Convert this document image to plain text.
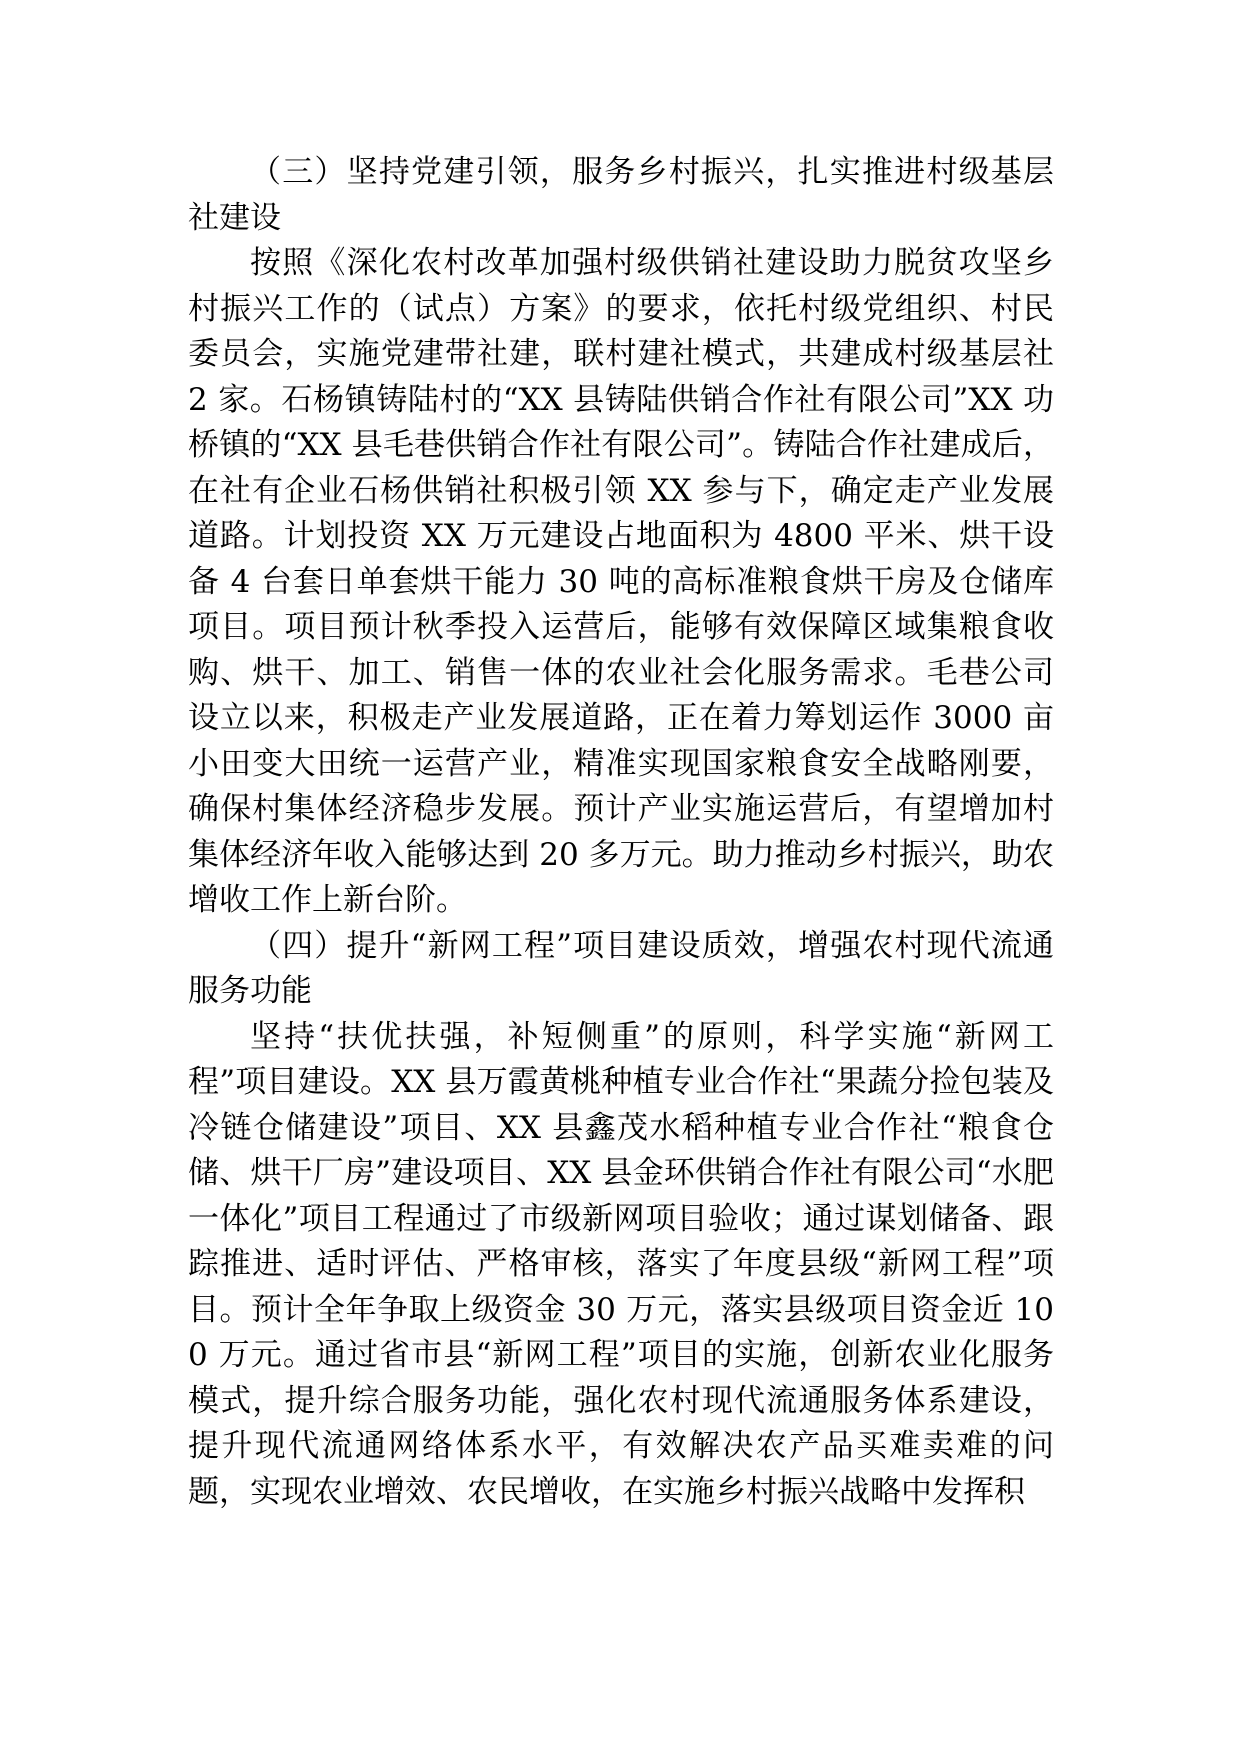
（三）坚持党建引领，服务乡村振兴，扎实推进村级基层社建设

按照《深化农村改革加强村级供销社建设助力脱贫攻坚乡村振兴工作的（试点）方案》的要求，依托村级党组织、村民委员会，实施党建带社建，联村建社模式，共建成村级基层社 2 家。石杨镇铸陆村的“XX 县铸陆供销合作社有限公司”XX 功桥镇的“XX 县毛巷供销合作社有限公司”。铸陆合作社建成后，在社有企业石杨供销社积极引领 XX 参与下，确定走产业发展道路。计划投资 XX 万元建设占地面积为 4800 平米、烘干设备 4 台套日单套烘干能力 30 吨的高标准粮食烘干房及仓储库项目。项目预计秋季投入运营后，能够有效保障区域集粮食收购、烘干、加工、销售一体的农业社会化服务需求。毛巷公司设立以来，积极走产业发展道路，正在着力筹划运作 3000 亩小田变大田统一运营产业，精准实现国家粮食安全战略刚要，确保村集体经济稳步发展。预计产业实施运营后，有望增加村集体经济年收入能够达到 20 多万元。助力推动乡村振兴，助农增收工作上新台阶。

（四）提升“新网工程”项目建设质效，增强农村现代流通服务功能

坚持“扶优扶强，补短侧重”的原则，科学实施“新网工程”项目建设。XX 县万霞黄桃种植专业合作社“果蔬分捡包装及冷链仓储建设”项目、XX 县鑫茂水稻种植专业合作社“粮食仓储、烘干厂房”建设项目、XX 县金环供销合作社有限公司“水肥一体化”项目工程通过了市级新网项目验收；通过谋划储备、跟踪推进、适时评估、严格审核，落实了年度县级“新网工程”项目。预计全年争取上级资金 30 万元，落实县级项目资金近 100 万元。通过省市县“新网工程”项目的实施，创新农业化服务模式，提升综合服务功能，强化农村现代流通服务体系建设，提升现代流通网络体系水平，有效解决农产品买难卖难的问题，实现农业增效、农民增收，在实施乡村振兴战略中发挥积
